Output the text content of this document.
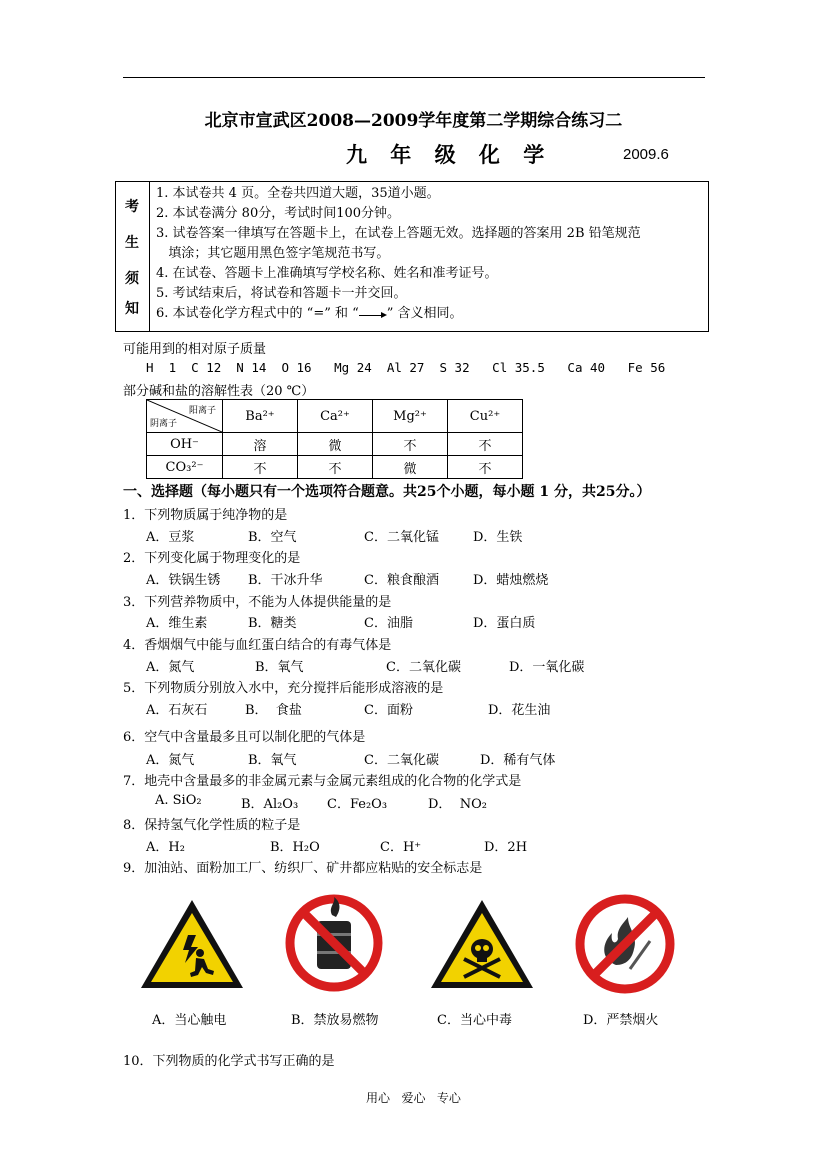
北京市宣武区2008—2009学年度第二学期综合练习二
九 年 级 化 学	2009.6
考
生
须
知
1. 本试卷共 4 页。全卷共四道大题，35道小题。
2. 本试卷满分 80分，考试时间100分钟。
3. 试卷答案一律填写在答题卡上，在试卷上答题无效。选择题的答案用 2B 铅笔规范
填涂；其它题用黑色签字笔规范书写。
4. 在试卷、答题卡上准确填写学校名称、姓名和准考证号。
5. 考试结束后，将试卷和答题卡一并交回。
6. 本试卷化学方程式中的 “=” 和 “ ” 含义相同。
可能用到的相对原子质量
H  1  C 12  N 14  O 16   Mg 24  Al 27  S 32   Cl 35.5   Ca 40   Fe 56
部分碱和盐的溶解性表（20 ℃）
阳离子
阴离子	Ba²⁺	Ca²⁺	Mg²⁺	Cu²⁺
OH⁻	溶	微	不	不
CO₃²⁻	不	不	微	不
一、选择题（每小题只有一个选项符合题意。共25个小题，每小题 1 分，共25分。）
1．下列物质属于纯净物的是
A．豆浆	B．空气	C．二氧化锰	D．生铁
2．下列变化属于物理变化的是
A．铁锅生锈 B．干冰升华	C．粮食酿酒	D．蜡烛燃烧
3．下列营养物质中，不能为人体提供能量的是
A．维生素	B．糖类	C．油脂	D．蛋白质
4．香烟烟气中能与血红蛋白结合的有毒气体是
A．氮气	B．氧气	C．二氧化碳	D．一氧化碳
5．下列物质分别放入水中，充分搅拌后能形成溶液的是
A．石灰石	B．  食盐	C．面粉	D．花生油
6．空气中含量最多且可以制化肥的气体是
A．氮气	B．氧气	C．二氧化碳	D．稀有气体
7．地壳中含量最多的非金属元素与金属元素组成的化合物的化学式是
A. SiO₂	B．Al₂O₃ C．Fe₂O₃	D．  NO₂
8．保持氢气化学性质的粒子是
A．H₂	B．H₂O	C．H⁺	D．2H
9．加油站、面粉加工厂、纺织厂、矿井都应粘贴的安全标志是
A．当心触电	B．禁放易燃物	C．当心中毒	D．严禁烟火
10．下列物质的化学式书写正确的是
用心   爱心   专心
